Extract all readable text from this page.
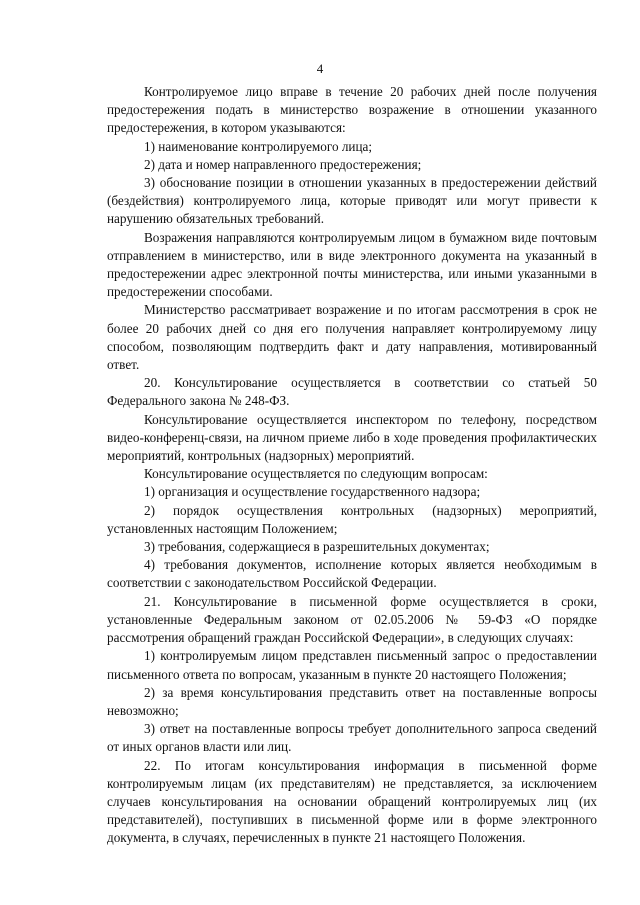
4

Контролируемое лицо вправе в течение 20 рабочих дней после получения предостережения подать в министерство возражение в отношении указанного предостережения, в котором указываются:

1) наименование контролируемого лица;

2) дата и номер направленного предостережения;

3) обоснование позиции в отношении указанных в предостережении действий (бездействия) контролируемого лица, которые приводят или могут привести к нарушению обязательных требований.

Возражения направляются контролируемым лицом в бумажном виде почтовым отправлением в министерство, или в виде электронного документа на указанный в предостережении адрес электронной почты министерства, или иными указанными в предостережении способами.

Министерство рассматривает возражение и по итогам рассмотрения в срок не более 20 рабочих дней со дня его получения направляет контролируемому лицу способом, позволяющим подтвердить факт и дату направления, мотивированный ответ.

20. Консультирование осуществляется в соответствии со статьей 50 Федерального закона № 248-ФЗ.

Консультирование осуществляется инспектором по телефону, посредством видео-конференц-связи, на личном приеме либо в ходе проведения профилактических мероприятий, контрольных (надзорных) мероприятий.

Консультирование осуществляется по следующим вопросам:

1) организация и осуществление государственного надзора;

2) порядок осуществления контрольных (надзорных) мероприятий, установленных настоящим Положением;

3) требования, содержащиеся в разрешительных документах;

4) требования документов, исполнение которых является необходимым в соответствии с законодательством Российской Федерации.

21. Консультирование в письменной форме осуществляется в сроки, установленные Федеральным законом от 02.05.2006 № 59-ФЗ «О порядке рассмотрения обращений граждан Российской Федерации», в следующих случаях:

1) контролируемым лицом представлен письменный запрос о предоставлении письменного ответа по вопросам, указанным в пункте 20 настоящего Положения;

2) за время консультирования представить ответ на поставленные вопросы невозможно;

3) ответ на поставленные вопросы требует дополнительного запроса сведений от иных органов власти или лиц.

22. По итогам консультирования информация в письменной форме контролируемым лицам (их представителям) не представляется, за исключением случаев консультирования на основании обращений контролируемых лиц (их представителей), поступивших в письменной форме или в форме электронного документа, в случаях, перечисленных в пункте 21 настоящего Положения.
